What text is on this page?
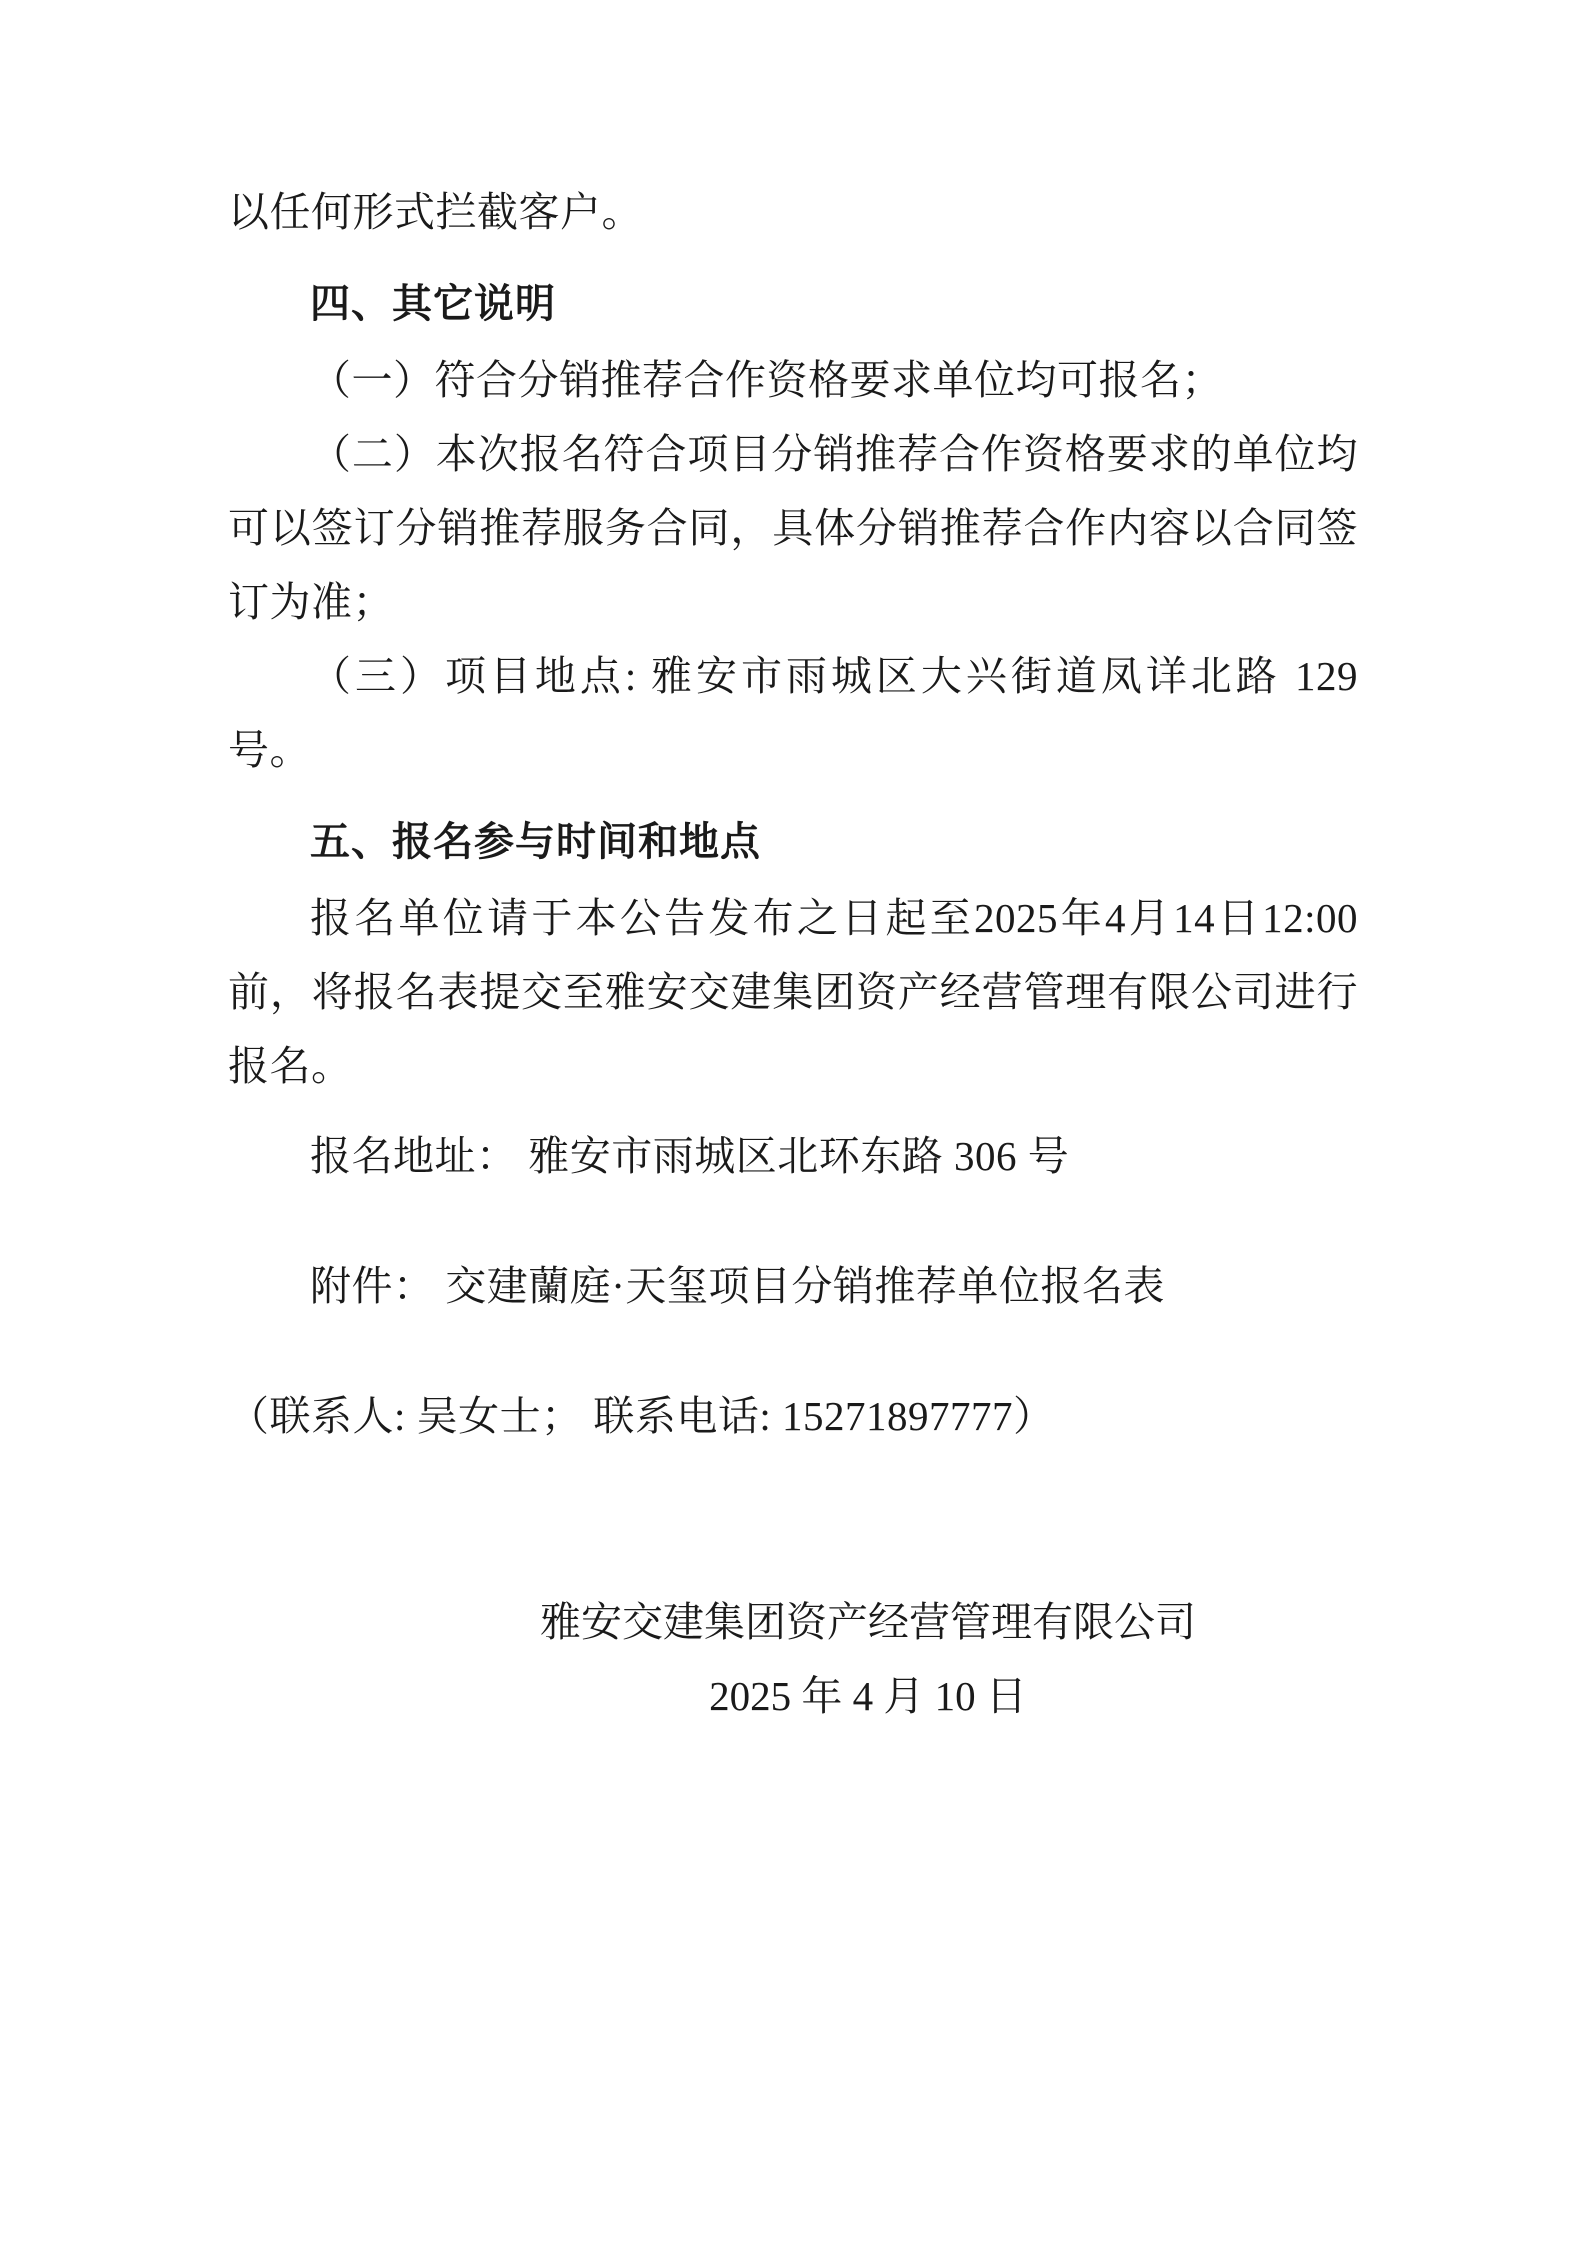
以任何形式拦截客户。

四、其它说明

（一）符合分销推荐合作资格要求单位均可报名；

（二）本次报名符合项目分销推荐合作资格要求的单位均可以签订分销推荐服务合同，具体分销推荐合作内容以合同签订为准；

（三）项目地点: 雅安市雨城区大兴街道凤详北路 129 号。

五、报名参与时间和地点

报名单位请于本公告发布之日起至2025年4月14日12:00 前，将报名表提交至雅安交建集团资产经营管理有限公司进行报名。

报名地址： 雅安市雨城区北环东路 306 号

附件： 交建蘭庭·天玺项目分销推荐单位报名表

（联系人: 吴女士； 联系电话: 15271897777）

雅安交建集团资产经营管理有限公司

2025 年 4 月 10 日
